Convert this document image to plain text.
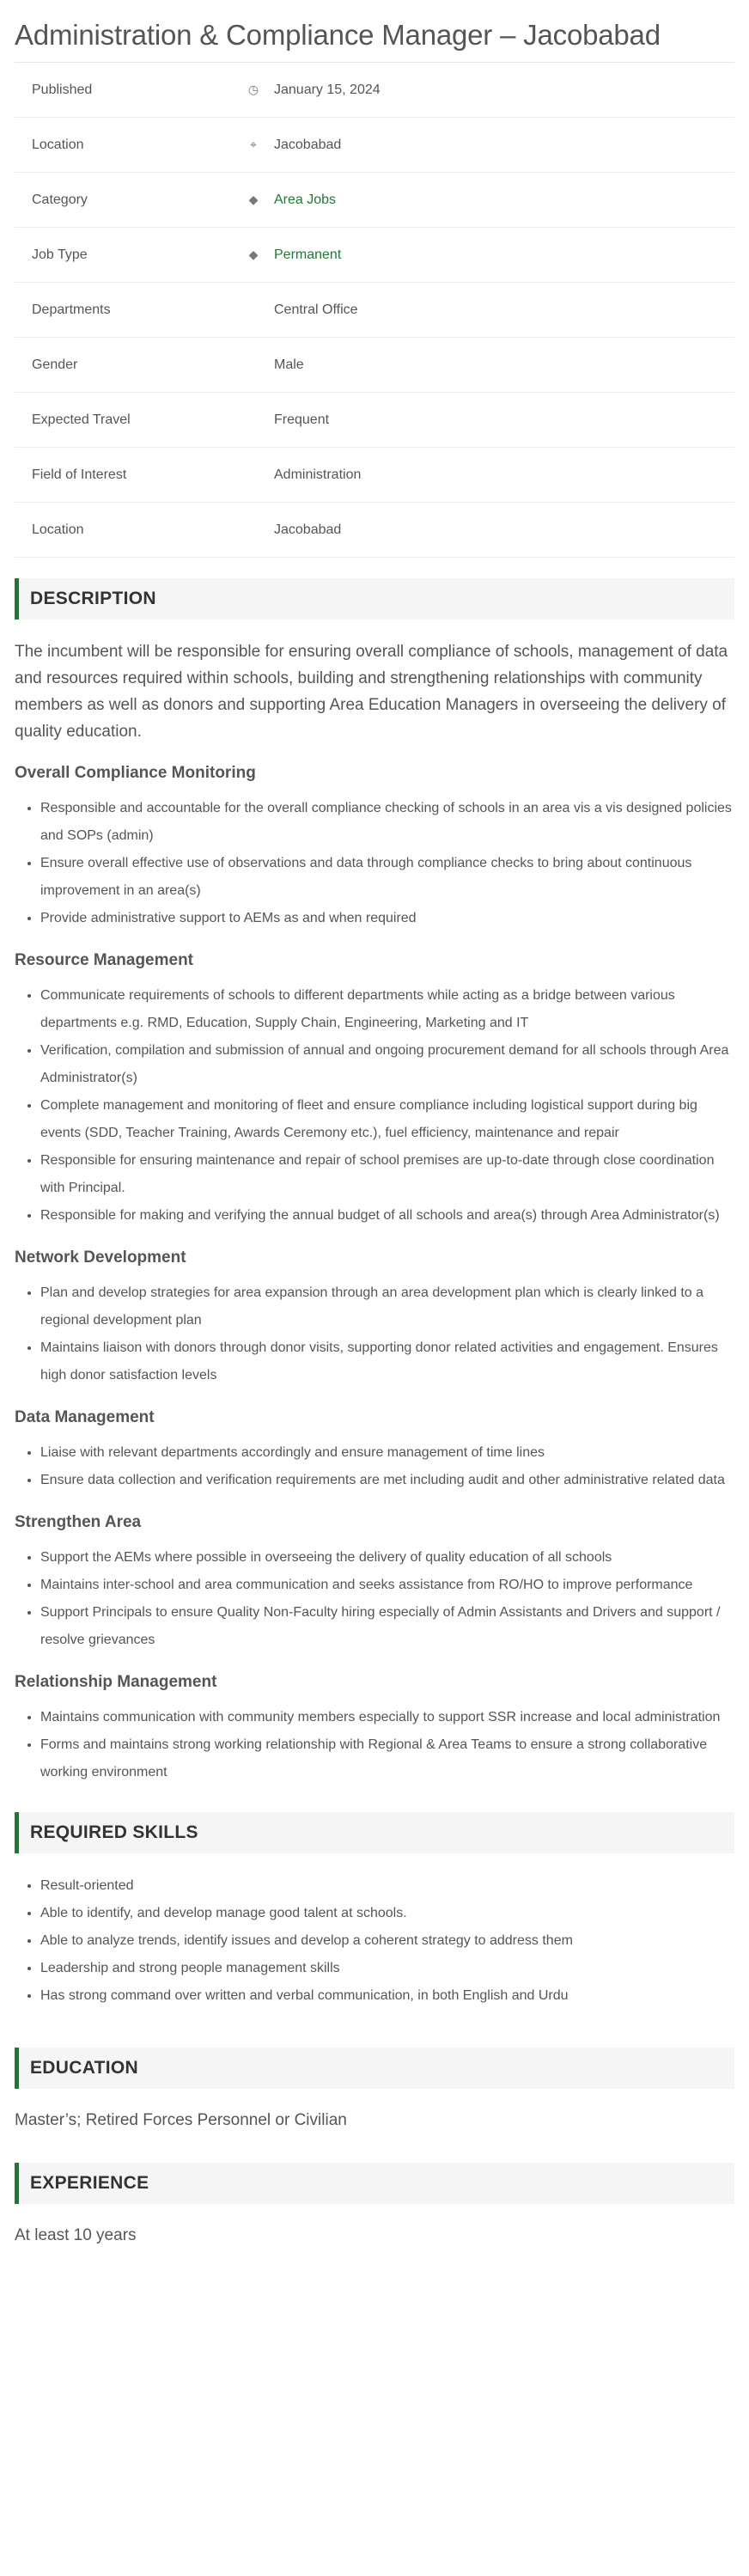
Administration & Compliance Manager – Jacobabad
Published	◷	January 15, 2024
Location	⌖	Jacobabad
Category	◆	Area Jobs
Job Type	◆	Permanent
Departments		Central Office
Gender		Male
Expected Travel		Frequent
Field of Interest		Administration
Location		Jacobabad
DESCRIPTION

The incumbent will be responsible for ensuring overall compliance of schools, management of data and resources required within schools, building and strengthening relationships with community members as well as donors and supporting Area Education Managers in overseeing the delivery of quality education.

Overall Compliance Monitoring
• Responsible and accountable for the overall compliance checking of schools in an area vis a vis designed policies and SOPs (admin)
• Ensure overall effective use of observations and data through compliance checks to bring about continuous improvement in an area(s)
• Provide administrative support to AEMs as and when required
Resource Management
• Communicate requirements of schools to different departments while acting as a bridge between various departments e.g. RMD, Education, Supply Chain, Engineering, Marketing and IT
• Verification, compilation and submission of annual and ongoing procurement demand for all schools through Area Administrator(s)
• Complete management and monitoring of fleet and ensure compliance including logistical support during big events (SDD, Teacher Training, Awards Ceremony etc.), fuel efficiency, maintenance and repair
• Responsible for ensuring maintenance and repair of school premises are up-to-date through close coordination with Principal.
• Responsible for making and verifying the annual budget of all schools and area(s) through Area Administrator(s)
Network Development
• Plan and develop strategies for area expansion through an area development plan which is clearly linked to a regional development plan
• Maintains liaison with donors through donor visits, supporting donor related activities and engagement. Ensures high donor satisfaction levels
Data Management
• Liaise with relevant departments accordingly and ensure management of time lines
• Ensure data collection and verification requirements are met including audit and other administrative related data
Strengthen Area
• Support the AEMs where possible in overseeing the delivery of quality education of all schools
• Maintains inter-school and area communication and seeks assistance from RO/HO to improve performance
• Support Principals to ensure Quality Non-Faculty hiring especially of Admin Assistants and Drivers and support / resolve grievances
Relationship Management
• Maintains communication with community members especially to support SSR increase and local administration
• Forms and maintains strong working relationship with Regional & Area Teams to ensure a strong collaborative working environment
REQUIRED SKILLS
• Result-oriented
• Able to identify, and develop manage good talent at schools.
• Able to analyze trends, identify issues and develop a coherent strategy to address them
• Leadership and strong people management skills
• Has strong command over written and verbal communication, in both English and Urdu
EDUCATION

Master’s; Retired Forces Personnel or Civilian

EXPERIENCE

At least 10 years
